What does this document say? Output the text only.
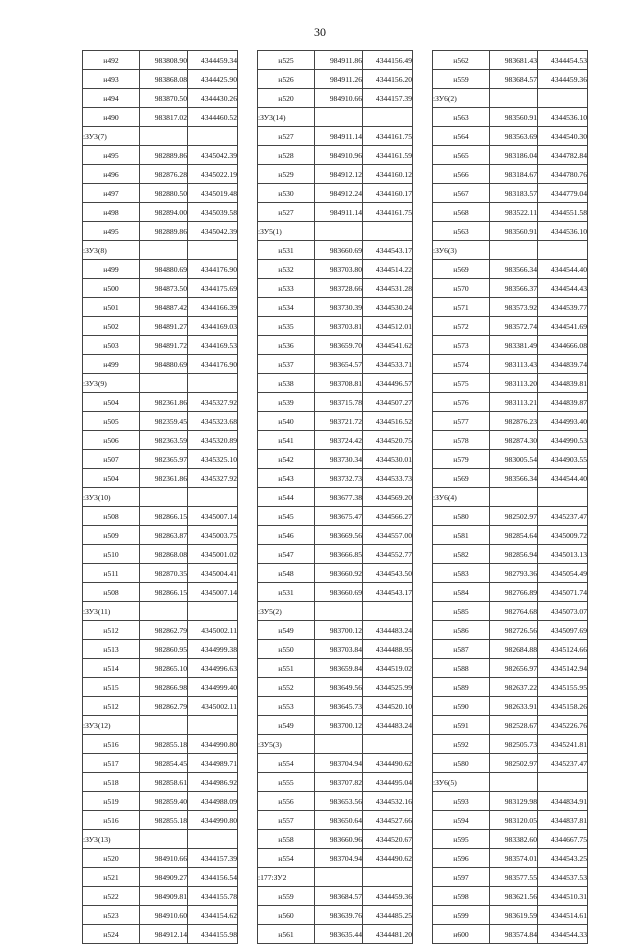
30
н492	983808.90	4344459.34
н493	983868.08	4344425.90
н494	983870.50	4344430.26
н490	983817.02	4344460.52
:ЗУ3(7)		
н495	982889.86	4345042.39
н496	982876.28	4345022.19
н497	982880.50	4345019.48
н498	982894.00	4345039.58
н495	982889.86	4345042.39
:ЗУ3(8)		
н499	984880.69	4344176.90
н500	984873.50	4344175.69
н501	984887.42	4344166.39
н502	984891.27	4344169.03
н503	984891.72	4344169.53
н499	984880.69	4344176.90
:ЗУ3(9)		
н504	982361.86	4345327.92
н505	982359.45	4345323.68
н506	982363.59	4345320.89
н507	982365.97	4345325.10
н504	982361.86	4345327.92
:ЗУ3(10)		
н508	982866.15	4345007.14
н509	982863.87	4345003.75
н510	982868.08	4345001.02
н511	982870.35	4345004.41
н508	982866.15	4345007.14
:ЗУ3(11)		
н512	982862.79	4345002.11
н513	982860.95	4344999.38
н514	982865.10	4344996.63
н515	982866.98	4344999.40
н512	982862.79	4345002.11
:ЗУ3(12)		
н516	982855.18	4344990.80
н517	982854.45	4344989.71
н518	982858.61	4344986.92
н519	982859.40	4344988.09
н516	982855.18	4344990.80
:ЗУ3(13)		
н520	984910.66	4344157.39
н521	984909.27	4344156.54
н522	984909.81	4344155.78
н523	984910.60	4344154.62
н524	984912.14	4344155.98
н525	984911.86	4344156.49
н526	984911.26	4344156.20
н520	984910.66	4344157.39
:ЗУ3(14)		
н527	984911.14	4344161.75
н528	984910.96	4344161.59
н529	984912.12	4344160.12
н530	984912.24	4344160.17
н527	984911.14	4344161.75
:ЗУ5(1)		
н531	983660.69	4344543.17
н532	983703.80	4344514.22
н533	983728.66	4344531.28
н534	983730.39	4344530.24
н535	983703.81	4344512.01
н536	983659.70	4344541.62
н537	983654.57	4344533.71
н538	983708.81	4344496.57
н539	983715.78	4344507.27
н540	983721.72	4344516.52
н541	983724.42	4344520.75
н542	983730.34	4344530.01
н543	983732.73	4344533.73
н544	983677.38	4344569.20
н545	983675.47	4344566.27
н546	983669.56	4344557.00
н547	983666.85	4344552.77
н548	983660.92	4344543.50
н531	983660.69	4344543.17
:ЗУ5(2)		
н549	983700.12	4344483.24
н550	983703.84	4344488.95
н551	983659.84	4344519.02
н552	983649.56	4344525.99
н553	983645.73	4344520.10
н549	983700.12	4344483.24
:ЗУ5(3)		
н554	983704.94	4344490.62
н555	983707.82	4344495.04
н556	983653.56	4344532.16
н557	983650.64	4344527.66
н558	983660.96	4344520.67
н554	983704.94	4344490.62
:177:ЗУ2		
н559	983684.57	4344459.36
н560	983639.76	4344485.25
н561	983635.44	4344481.20
н562	983681.43	4344454.53
н559	983684.57	4344459.36
:ЗУ6(2)		
н563	983560.91	4344536.10
н564	983563.69	4344540.30
н565	983186.04	4344782.84
н566	983184.67	4344780.76
н567	983183.57	4344779.04
н568	983522.11	4344551.58
н563	983560.91	4344536.10
:ЗУ6(3)		
н569	983566.34	4344544.40
н570	983566.37	4344544.43
н571	983573.92	4344539.77
н572	983572.74	4344541.69
н573	983381.49	4344666.08
н574	983113.43	4344839.74
н575	983113.20	4344839.81
н576	983113.21	4344839.87
н577	982876.23	4344993.40
н578	982874.30	4344990.53
н579	983005.54	4344903.55
н569	983566.34	4344544.40
:ЗУ6(4)		
н580	982502.97	4345237.47
н581	982854.64	4345009.72
н582	982856.94	4345013.13
н583	982793.36	4345054.49
н584	982766.89	4345071.74
н585	982764.68	4345073.07
н586	982726.56	4345097.69
н587	982684.88	4345124.66
н588	982656.97	4345142.94
н589	982637.22	4345155.95
н590	982633.91	4345158.26
н591	982528.67	4345226.76
н592	982505.73	4345241.81
н580	982502.97	4345237.47
:ЗУ6(5)		
н593	983129.98	4344834.91
н594	983120.05	4344837.81
н595	983382.60	4344667.75
н596	983574.01	4344543.25
н597	983577.55	4344537.53
н598	983621.56	4344510.31
н599	983619.59	4344514.61
н600	983574.84	4344544.33
